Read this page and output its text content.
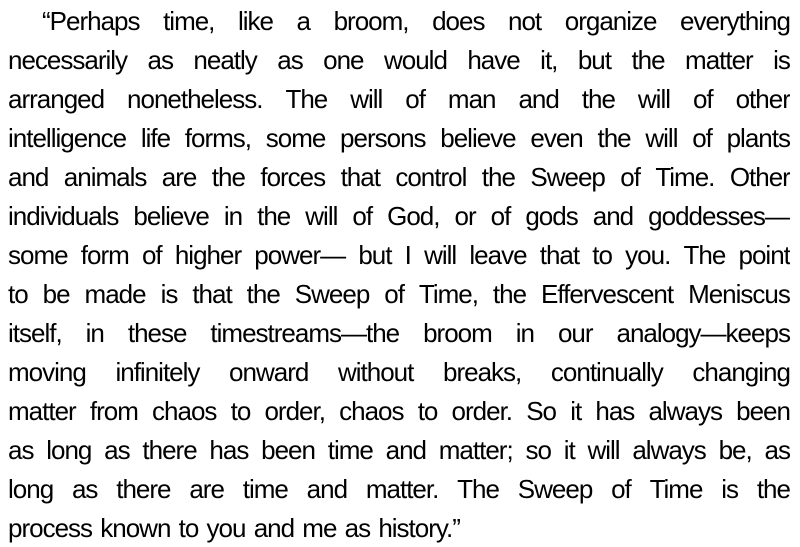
“Perhaps time, like a broom, does not organize everything
necessarily as neatly as one would have it, but the matter is
arranged nonetheless. The will of man and the will of other
intelligence life forms, some persons believe even the will of plants
and animals are the forces that control the Sweep of Time. Other
individuals believe in the will of God, or of gods and goddesses—
some form of higher power— but I will leave that to you. The point
to be made is that the Sweep of Time, the Effervescent Meniscus
itself, in these timestreams—the broom in our analogy—keeps
moving infinitely onward without breaks, continually changing
matter from chaos to order, chaos to order. So it has always been
as long as there has been time and matter; so it will always be, as
long as there are time and matter. The Sweep of Time is the
process known to you and me as history.”
